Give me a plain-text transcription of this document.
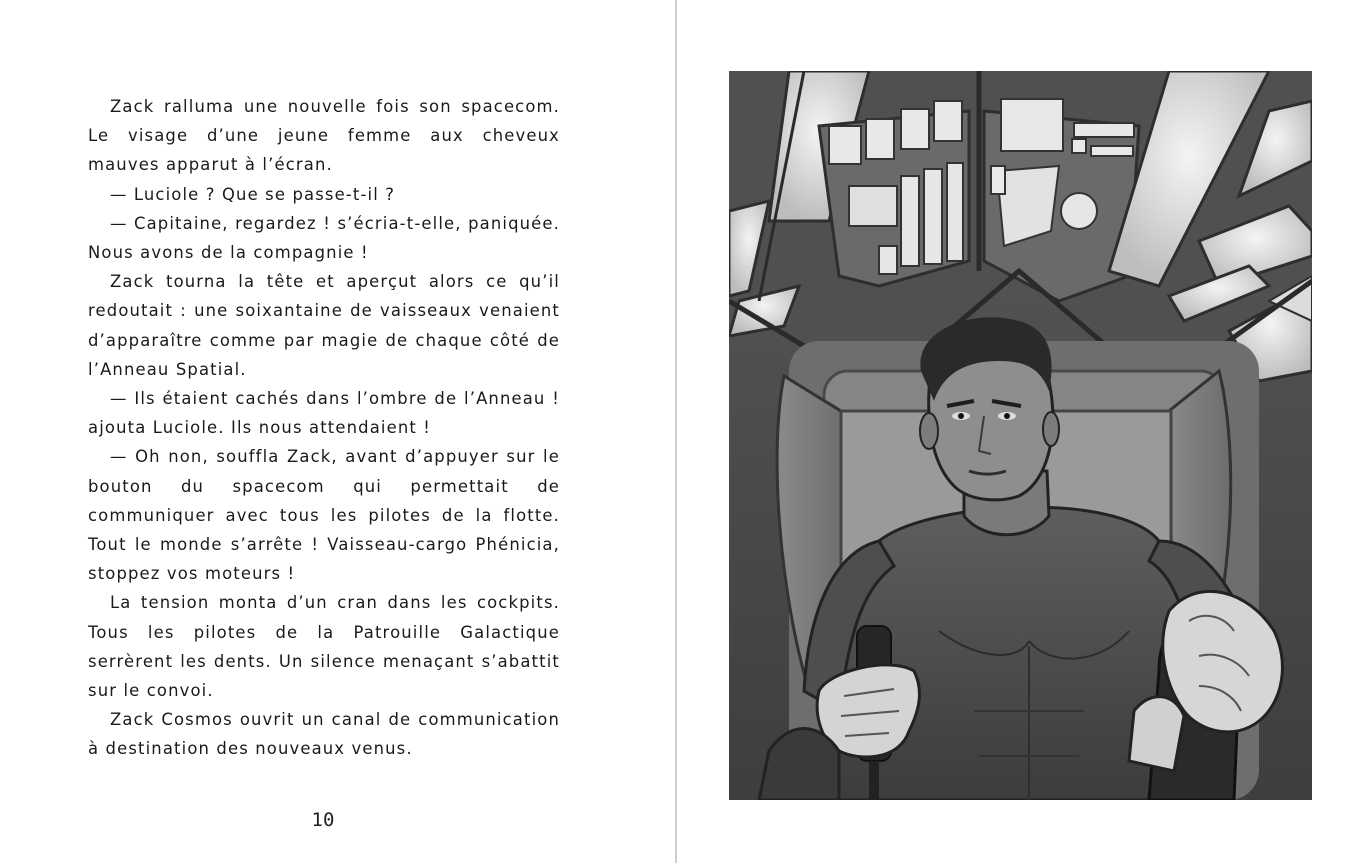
Zack ralluma une nouvelle fois son spacecom. Le visage d’une jeune femme aux cheveux mauves apparut à l’écran.

— Luciole ? Que se passe-t-il ?

— Capitaine, regardez ! s’écria-t-elle, paniquée. Nous avons de la compagnie !

Zack tourna la tête et aperçut alors ce qu’il redoutait : une soixantaine de vaisseaux venaient d’apparaître comme par magie de chaque côté de l’Anneau Spatial.

— Ils étaient cachés dans l’ombre de l’Anneau ! ajouta Luciole. Ils nous attendaient !

— Oh non, souffla Zack, avant d’appuyer sur le bouton du spacecom qui permettait de communiquer avec tous les pilotes de la flotte. Tout le monde s’arrête ! Vaisseau-cargo Phénicia, stoppez vos moteurs !

La tension monta d’un cran dans les cockpits. Tous les pilotes de la Patrouille Galactique serrèrent les dents. Un silence menaçant s’abattit sur le convoi.

Zack Cosmos ouvrit un canal de communication à destination des nouveaux venus.

10
